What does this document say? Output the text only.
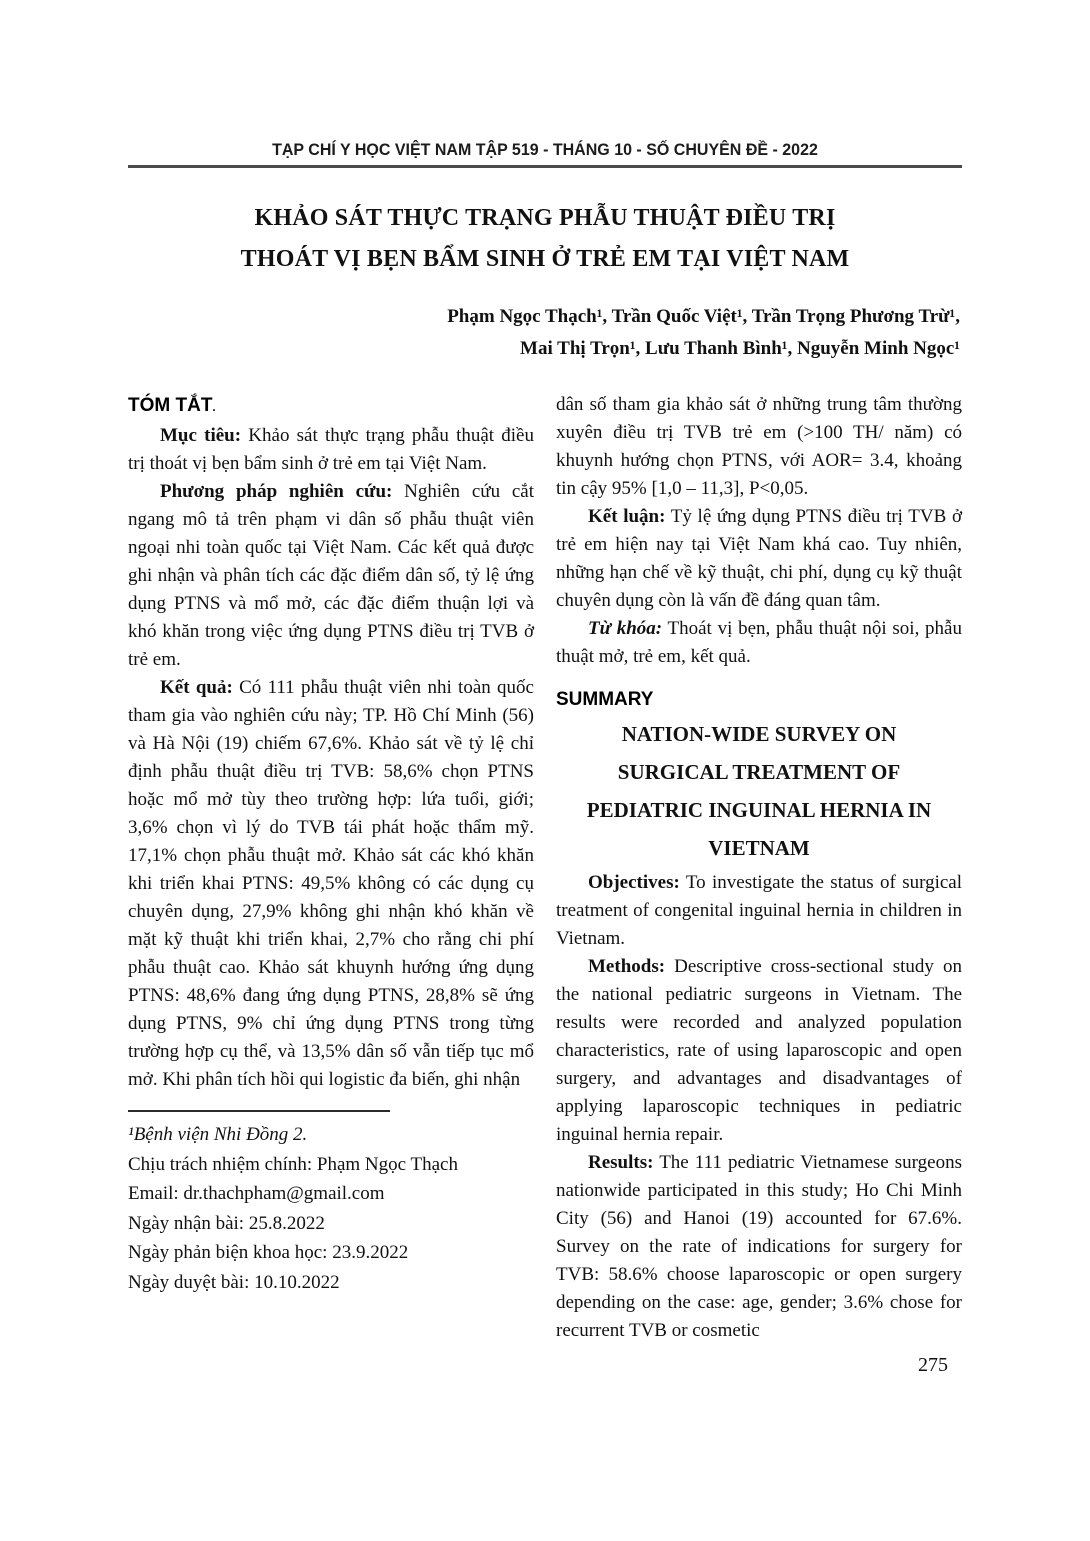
TẠP CHÍ Y HỌC VIỆT NAM TẬP 519 - THÁNG 10 - SỐ CHUYÊN ĐỀ - 2022
KHẢO SÁT THỰC TRẠNG PHẪU THUẬT ĐIỀU TRỊ
THOÁT VỊ BẸN BẨM SINH Ở TRẺ EM TẠI VIỆT NAM
Phạm Ngọc Thạch¹, Trần Quốc Việt¹, Trần Trọng Phương Trừ¹,
Mai Thị Trọn¹, Lưu Thanh Bình¹, Nguyễn Minh Ngọc¹
TÓM TẮT.

Mục tiêu: Khảo sát thực trạng phẫu thuật điều trị thoát vị bẹn bẩm sinh ở trẻ em tại Việt Nam.

Phương pháp nghiên cứu: Nghiên cứu cắt ngang mô tả trên phạm vi dân số phẫu thuật viên ngoại nhi toàn quốc tại Việt Nam. Các kết quả được ghi nhận và phân tích các đặc điểm dân số, tỷ lệ ứng dụng PTNS và mổ mở, các đặc điểm thuận lợi và khó khăn trong việc ứng dụng PTNS điều trị TVB ở trẻ em.

Kết quả: Có 111 phẫu thuật viên nhi toàn quốc tham gia vào nghiên cứu này; TP. Hồ Chí Minh (56) và Hà Nội (19) chiếm 67,6%. Khảo sát về tỷ lệ chỉ định phẫu thuật điều trị TVB: 58,6% chọn PTNS hoặc mổ mở tùy theo trường hợp: lứa tuổi, giới; 3,6% chọn vì lý do TVB tái phát hoặc thẩm mỹ. 17,1% chọn phẫu thuật mở. Khảo sát các khó khăn khi triển khai PTNS: 49,5% không có các dụng cụ chuyên dụng, 27,9% không ghi nhận khó khăn về mặt kỹ thuật khi triển khai, 2,7% cho rằng chi phí phẫu thuật cao. Khảo sát khuynh hướng ứng dụng PTNS: 48,6% đang ứng dụng PTNS, 28,8% sẽ ứng dụng PTNS, 9% chỉ ứng dụng PTNS trong từng trường hợp cụ thể, và 13,5% dân số vẫn tiếp tục mổ mở. Khi phân tích hồi qui logistic đa biến, ghi nhận

¹Bệnh viện Nhi Đồng 2.
Chịu trách nhiệm chính: Phạm Ngọc Thạch
Email: dr.thachpham@gmail.com
Ngày nhận bài: 25.8.2022
Ngày phản biện khoa học: 23.9.2022
Ngày duyệt bài: 10.10.2022

dân số tham gia khảo sát ở những trung tâm thường xuyên điều trị TVB trẻ em (>100 TH/ năm) có khuynh hướng chọn PTNS, với AOR= 3.4, khoảng tin cậy 95% [1,0 – 11,3], P<0,05.

Kết luận: Tỷ lệ ứng dụng PTNS điều trị TVB ở trẻ em hiện nay tại Việt Nam khá cao. Tuy nhiên, những hạn chế về kỹ thuật, chi phí, dụng cụ kỹ thuật chuyên dụng còn là vấn đề đáng quan tâm.

Từ khóa: Thoát vị bẹn, phẫu thuật nội soi, phẫu thuật mở, trẻ em, kết quả.

SUMMARY
NATION-WIDE SURVEY ON
SURGICAL TREATMENT OF
PEDIATRIC INGUINAL HERNIA IN
VIETNAM

Objectives: To investigate the status of surgical treatment of congenital inguinal hernia in children in Vietnam.

Methods: Descriptive cross-sectional study on the national pediatric surgeons in Vietnam. The results were recorded and analyzed population characteristics, rate of using laparoscopic and open surgery, and advantages and disadvantages of applying laparoscopic techniques in pediatric inguinal hernia repair.

Results: The 111 pediatric Vietnamese surgeons nationwide participated in this study; Ho Chi Minh City (56) and Hanoi (19) accounted for 67.6%. Survey on the rate of indications for surgery for TVB: 58.6% choose laparoscopic or open surgery depending on the case: age, gender; 3.6% chose for recurrent TVB or cosmetic

275
